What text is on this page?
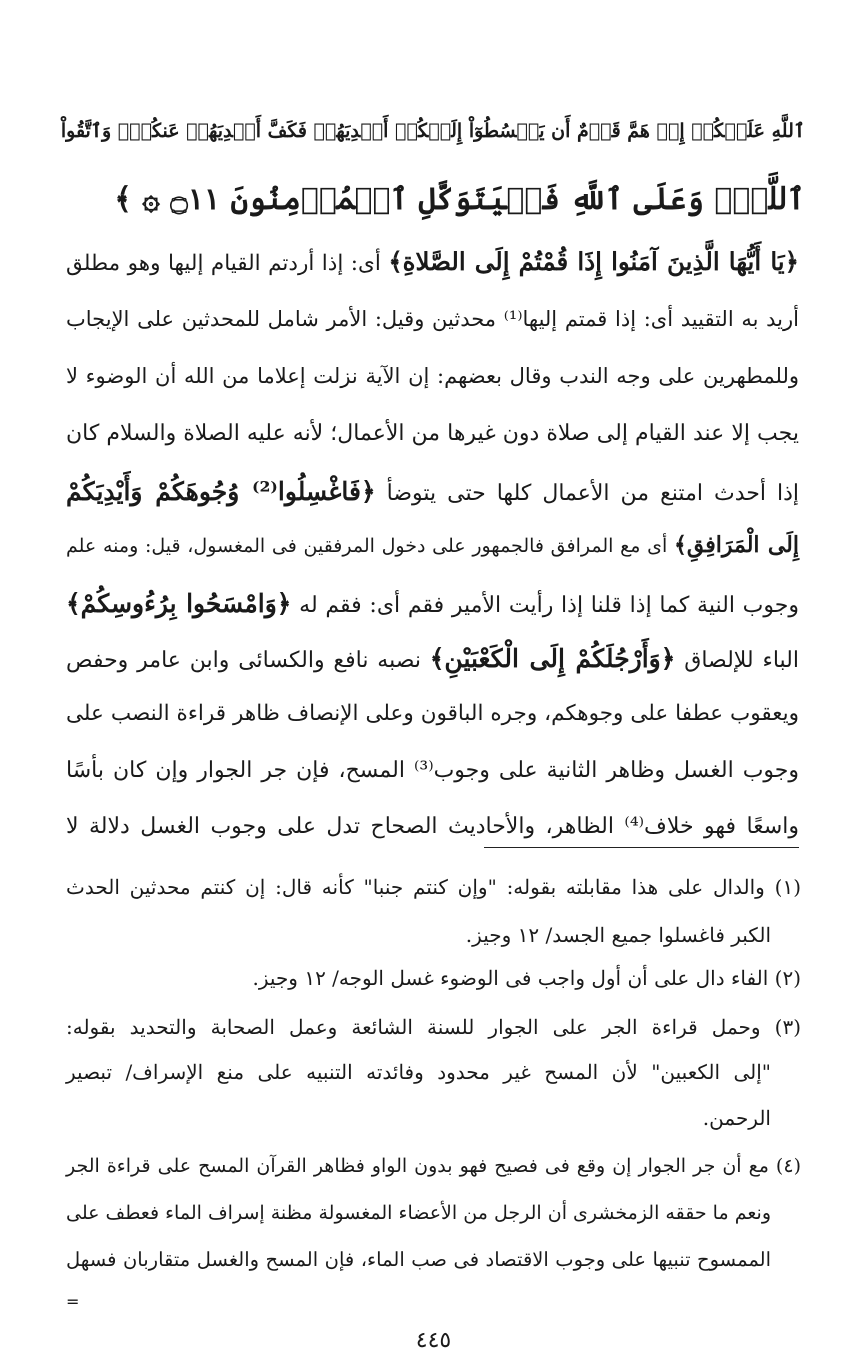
ٱللَّهِ عَلَيۡكُمۡ إِذۡ هَمَّ قَوۡمٌ أَن يَبۡسُطُوٓاْ إِلَيۡكُمۡ أَيۡدِيَهُمۡ فَكَفَّ أَيۡدِيَهُمۡ عَنكُمۡۖ وَٱتَّقُواْ
ٱللَّهَۚ وَعَلَى ٱللَّهِ فَلۡيَتَوَكَّلِ ٱلۡمُؤۡمِنُونَ ۝١١ ۞ ﴾
﴿يَا أَيُّهَا الَّذِينَ آمَنُوا إِذَا قُمْتُمْ إِلَى الصَّلاةِ﴾ أى: إذا أردتم القيام إليها وهو مطلق
أريد به التقييد أى: إذا قمتم إليها⁽¹⁾ محدثين وقيل: الأمر شامل للمحدثين على الإيجاب
وللمطهرين على وجه الندب وقال بعضهم: إن الآية نزلت إعلاما من الله أن الوضوء لا
يجب إلا عند القيام إلى صلاة دون غيرها من الأعمال؛ لأنه عليه الصلاة والسلام كان
إذا أحدث امتنع من الأعمال كلها حتى يتوضأ ﴿فَاغْسِلُوا⁽²⁾ وُجُوهَكُمْ وَأَيْدِيَكُمْ
إِلَى الْمَرَافِقِ﴾ أى مع المرافق فالجمهور على دخول المرفقين فى المغسول، قيل: ومنه علم
وجوب النية كما إذا قلنا إذا رأيت الأمير فقم أى: فقم له ﴿وَامْسَحُوا بِرُءُوسِكُمْ﴾
الباء للإلصاق ﴿وَأَرْجُلَكُمْ إِلَى الْكَعْبَيْنِ﴾ نصبه نافع والكسائى وابن عامر وحفص
ويعقوب عطفا على وجوهكم، وجره الباقون وعلى الإنصاف ظاهر قراءة النصب على
وجوب الغسل وظاهر الثانية على وجوب⁽³⁾ المسح، فإن جر الجوار وإن كان بأسًا
واسعًا فهو خلاف⁽⁴⁾ الظاهر، والأحاديث الصحاح تدل على وجوب الغسل دلالة لا
(١) والدال على هذا مقابلته بقوله: "وإن كنتم جنبا" كأنه قال: إن كنتم محدثين الحدث
الكبر فاغسلوا جميع الجسد/ ١٢ وجيز.
(٢) الفاء دال على أن أول واجب فى الوضوء غسل الوجه/ ١٢ وجيز.
(٣) وحمل قراءة الجر على الجوار للسنة الشائعة وعمل الصحابة والتحديد بقوله:
"إلى الكعبين" لأن المسح غير محدود وفائدته التنبيه على منع الإسراف/ تبصير
الرحمن.
(٤) مع أن جر الجوار إن وقع فى فصيح فهو بدون الواو فظاهر القرآن المسح على قراءة الجر
ونعم ما حققه الزمخشرى أن الرجل من الأعضاء المغسولة مظنة إسراف الماء فعطف على
الممسوح تنبيها على وجوب الاقتصاد فى صب الماء، فإن المسح والغسل متقاربان فسهل
=
٤٤٥
